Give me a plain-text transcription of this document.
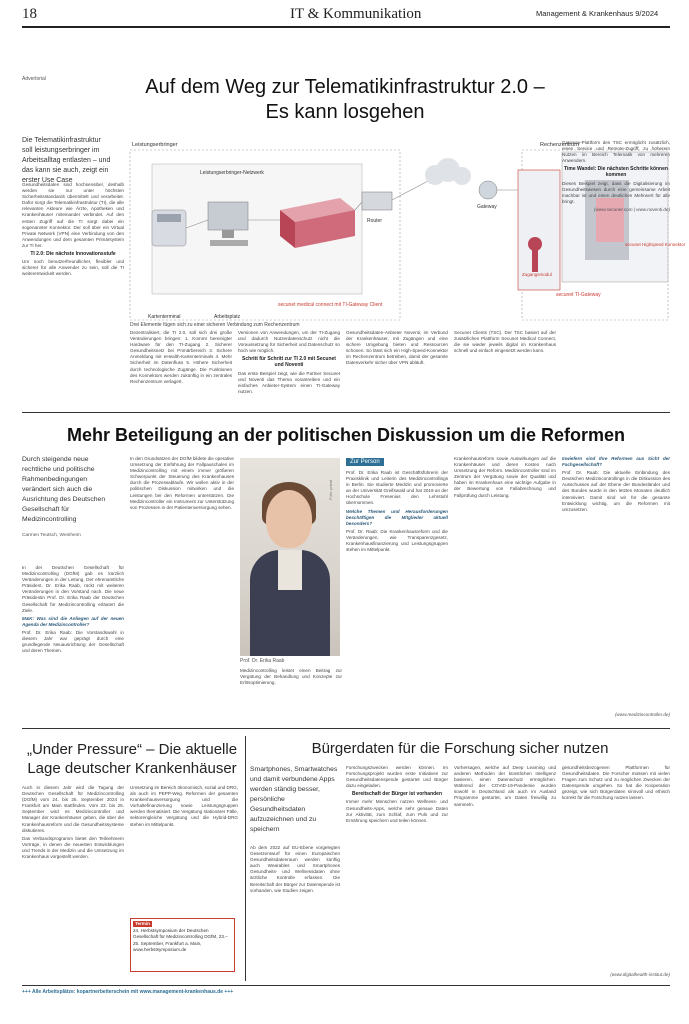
18	IT & Kommunikation	Management & Krankenhaus 9/2024
Advertorial	Auf dem Weg zur Telematikinfrastruktur 2.0 –
Es kann losgehen
Die Telematikinfrastruktur soll leistungserbringer im Arbeitsalltag entlasten – und das kann sie auch, zeigt ein erster Use Case
Leistungserbringer
Leistungserbringer-Netzwerk
Kartenterminal	Arbeitsplatz
secunet medical connect mit TI-Gateway Client
Router
Gateway
Rechenzentrum
Zugangsmodul
secunet Highspeed Konnektor
secunet TI-Gateway
Drei Elemente fügen sich zu einer sicheren Verbindung zum Rechenzentrum

Gesundheitsdaten sind hochsensibel, deshalb werden sie nur unter höchsten Sicherheitsstandards übermittelt und verarbeitet. Dafür sorgt die Telematikinfrastruktur (TI), die alle relevanten Akteure wie Ärzte, Apotheken und Krankenhäuser miteinander verbindet. Auf den ersten Zugriff auf die TI sorgt dabei ein sogenannter Konnektor. Der soll über ein Virtual Private Network (VPN) eine Verbindung von den Anwendungen und dem gesamten Primärsystem zur TI her.

TI 2.0: Die nächste Innovationsstufe

Um noch benutzerfreundlicher, flexibler und sicherer für alle Anwender zu sein, soll die TI weiterentwickelt werden.

Dezentralisiert, die TI 2.0, soll sich drei große Veränderungen bringen: 1. Kommt bereinigter Hardware für den TI-Zugang 2. Sicherer Gesundheitsnetz bei Primärbereich 3. Sichere Anmeldung mit eHealth-Kartenterminals 4. Mehr Sicherheit im Datenfluss 5. Höhere Sicherheit durch technologische Zugänge. Die Funktionen des Konnektors werden zukünftig in ein zentrales Rechenzentrum verlagert.

Versionen von Anwendungen, um der TI-Zugang und dadurch Nutzerdatenschutz nicht die Voraussetzung für Sicherheit und Datenschutz so hoch wie möglich.

Schritt für Schritt zur TI 2.0 mit Secunet und Noventi

Das erste Beispiel zeigt, wie die Partner Secunet und Noventi das Thema vorantreiben und ein einfaches Anbieter-System einen TI-Gateway nutzen.

Gesundheitsdaten-Anbieter Noventi, im Verbund der Krankenhäuser, mit Zugängen und eine sichere Umgebung bieten und Ressourcen schonen. So lässt sich ein High-Speed-Konnektor im Rechenzentrum betreiben, damit der gesamte Datenverkehr sicher über VPN abläuft.

Secunet Clients (TSC). Der TSC basiert auf der zusätzlichen Plattform Secunet Medical Connect, die sie wieder jeweils digital im Krankenhaus schnell und einfach eingesetzt werden kann.

Gateway-Plattform des TSC ermöglicht zusätzlich, einen Service und Remote-Zugriff; zu höherem Nutzen im Bereich Telematik von mehreren Anwendern.

Time Wandel: Die nächsten Schritte können kommen

Dieses Beispiel zeigt, dass die Digitalisierung im Gesundheitswesen durch eine gemeinsame Arbeit machbar ist und einen deutlichen Mehrwert für alle bringt.

(www.secunet.com | www.noventi.de)

Mehr Beteiligung an der politischen Diskussion um die Reformen
Durch steigende neue rechtliche und politische Rahmenbedingungen verändert sich auch die Ausrichtung des Deutschen Gesellschaft für Medizincontrolling
Carmen Teutsch, Weinheim

In der Deutschen Gesellschaft für Medizincontrolling (DGfM) gab es kürzlich Veränderungen in der Leitung. Der ehrenamtliche Präsident, Dr. Erika Raab, rückt mit weiteren Veränderungen in den Vorstand nach. Die neue Präsidentin Prof. Dr. Erika Raab der Deutschen Gesellschaft für Medizincontrolling erläutert die Ziele.

M&K: Was sind die Anliegen auf der neuen Agenda der Medizincontroller?

Prof. Dr. Erika Raab: Die Vorstandswahl in diesem Jahr war geprägt durch eine grundlegende Neuausrichtung der Gesellschaft und deren Themen.

In den Grundsätzen der DGfM bildete die operative Umsetzung der Einführung der Fallpauschalen im Medizincontrolling mit einem immer größeren Schwerpunkt der Steuerung des Krankenhauses durch die Prozessabläufe. Wir wollen aktiv in der politischen Diskussion mitwirken und die Leistungen bei den Reformen unterstützen. Die Medizincontroller ein Instrument zur Unterstützung von Prozessen in der Patientenversorgung sehen.

Foto: privat
Prof. Dr. Erika Raab

Medizincontrolling leistet einen Beitrag zur Vergütung der Behandlung und Konzepte zur Erlösoptimierung.

Zur Person

Prof. Dr. Erika Raab ist Geschäftsführerin der Praxisklinik und Leiterin des Medizincontrollings in Berlin. Sie studierte Medizin und promovierte an der Universität Greifswald und hat 2019 an der Hochschule Fresenius den Lehrstuhl übernommen.

Welche Themen und Herausforderungen beschäftigen die Mitglieder aktuell besonders?

Prof. Dr. Raab: Die Krankenhausreform und die Veränderungen, wie Transparenzgesetz, Krankenhausfinanzierung und Leistungsgruppen stehen im Mittelpunkt.

Krankenhausreform sowie Auswirkungen auf die Krankenhäuser und deren Kosten nach Umsetzung der Reform. Medizincontroller sind im Zentrum der Vergütung sowie der Qualität und haben im Krankenhaus eine wichtige Aufgabe in der Bewertung von Fallabrechnung und Fallprüfung durch Leistung.

Inwiefern sind Ihre Reformen aus Sicht der Fachgesellschaft?

Prof. Dr. Raab: Die aktuelle Einbindung des Deutschen Medizincontrollings in die Diskussion des Ausschusses auf der Ebene der Bundesländer und des Bundes wurde in den letzten Monaten deutlich intensiviert. Damit sind wir für die gesamte Entwicklung wichtig, um die Reformen mit umzusetzen.

(www.medizincontroller.de)
„Under Pressure“ – Die aktuelle
Lage deutscher Krankenhäuser

Auch in diesem Jahr wird die Tagung der Deutschen Gesellschaft für Medizincontrolling (DGfM) vom 24. bis 25. September 2024 in Frankfurt am Main stattfinden. Vom 23. bis 25. September wird es Medizincontroller und Manager der Krankenhäuser geben, die über die Krankenhausreform und die Gesundheitssysteme diskutieren.

Das Verbandsprogramm bietet den Teilnehmern Vorträge, in denen die neuesten Entwicklungen und Trends in der Medizin und die Umsetzung im Krankenhaus vorgestellt werden.

Umsetzung im Bereich ökonomisch, sozial und DRG, als auch im PEPP-Weg. Reformen der gesamten Krankenhausversorgung und die Vorhaltefinanzierung sowie Leistungsgruppen werden thematisiert. Die Vergütung stationärer Fälle, sektorengleiche Vergütung und die Hybrid-DRG stehen im Mittelpunkt.

Termin
24. Herbstsymposium der Deutschen Gesellschaft für Medizincontrolling DGfM, 23.–25. September, Frankfurt a. Main, www.herbstsymposium.de
Bürgerdaten für die Forschung sicher nutzen
Smartphones, Smartwatches und damit verbundene Apps werden ständig besser, persönliche Gesundheitsdaten aufzuzeichnen und zu speichern

Ab dem 2022 auf EU-Ebene vorgelegten Gesetzentwurf für einen Europäischen Gesundheitsdatenraum werden künftig auch Wearables und Smartphones Gesundheits- und Wellnessdaten ohne ärztliche Kontrolle erfassen. Die Bereitschaft der Bürger zur Datenspende ist vorhanden, wie Studien zeigen.

Forschungszwecken werden können. Im Forschungsprojekt wurden erste Initiativen zur Gesundheitsdatenspende gestartet und Bürger dazu eingeladen.

Bereitschaft der Bürger ist vorhanden

Immer mehr Menschen nutzen Wellness- und Gesundheits-Apps, welche sehr genaue Daten zur Aktivität, zum Schlaf, zum Puls und zur Ernährung speichern und teilen können.

Vorhersagen, welche auf Deep Learning und anderen Methoden der künstlichen Intelligenz basieren, einen Datenschutz ermöglichen. Während der COVID-19-Pandemie wurden sowohl in Deutschland als auch im Ausland Programme gestartet, um Daten freiwillig zu sammeln.

gesundheitsbezogenen Plattformen für Gesundheitsdaten. Die Forscher müssen mit vielen Fragen zum Schutz und zu möglichen Zwecken der Datenspende umgehen. So hat die Kooperation gezeigt, wie sich Bürgerdaten sinnvoll und ethisch korrekt für die Forschung nutzen lassen.

(www.digitalhealth-institut.de)
+++ Alle Arbeitsplätze: kopartnerbeiterschein mit www.management-krankenhaus.de +++
